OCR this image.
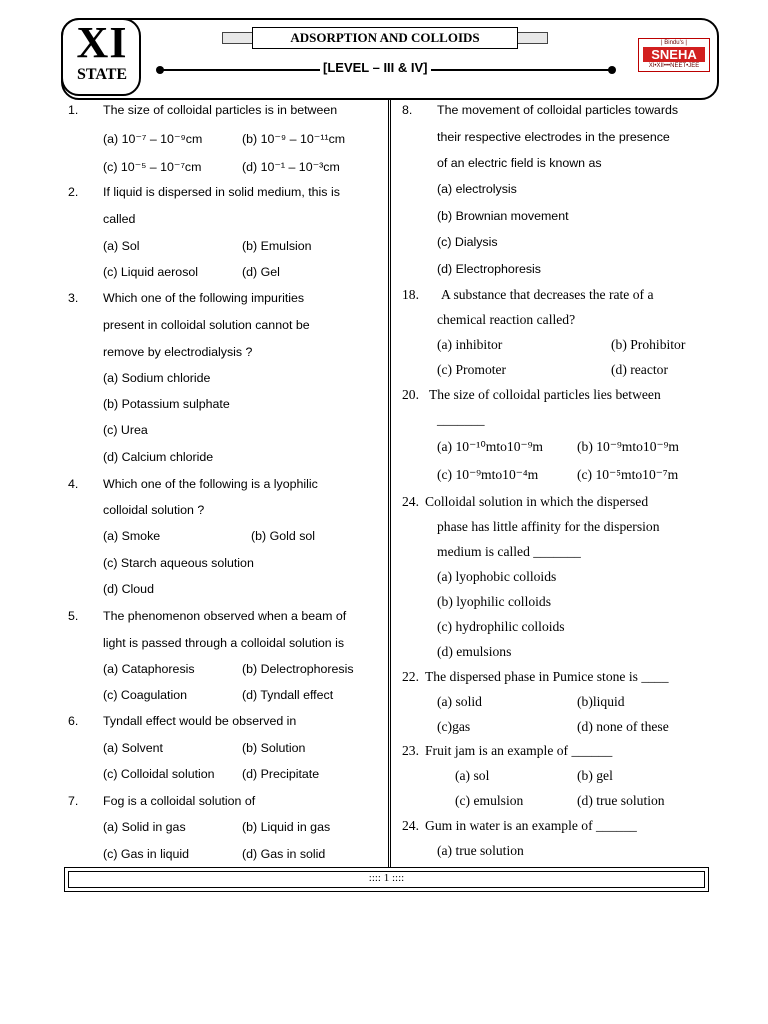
XI
STATE
ADSORPTION AND COLLOIDS
[LEVEL – III & IV]
| Bindu's |
SNEHA
XI•XII•••NEET•JEE
1. The size of colloidal particles is in between
(a) 10⁻⁷ – 10⁻⁹cm	(b) 10⁻⁹ – 10⁻¹¹cm
(c) 10⁻⁵ – 10⁻⁷cm	(d) 10⁻¹ – 10⁻³cm
2. If liquid is dispersed in solid medium, this is
called
(a) Sol	(b) Emulsion
(c) Liquid aerosol	(d) Gel
3. Which one of the following impurities
present in colloidal solution cannot be
remove by electrodialysis ?
(a) Sodium chloride
(b) Potassium sulphate
(c) Urea
(d) Calcium chloride
4. Which one of the following is a lyophilic
colloidal solution ?
(a) Smoke	(b) Gold sol
(c) Starch aqueous solution
(d) Cloud
5. The phenomenon observed when a beam of
light is passed through a colloidal solution is
(a) Cataphoresis	(b) Delectrophoresis
(c) Coagulation	(d) Tyndall effect
6. Tyndall effect would be observed in
(a) Solvent	(b) Solution
(c) Colloidal solution (d) Precipitate
7. Fog is a colloidal solution of
(a) Solid in gas	(b) Liquid in gas
(c) Gas in liquid	(d) Gas in solid
8. The movement of colloidal particles towards
their respective electrodes in the presence
of an electric field is known as
(a) electrolysis
(b) Brownian movement
(c) Dialysis
(d) Electrophoresis
18. A substance that decreases the rate of a
chemical reaction called?
(a) inhibitor	(b) Prohibitor
(c) Promoter	(d) reactor
20. The size of colloidal particles lies between
_______
(a) 10⁻¹⁰mto10⁻⁹m (b) 10⁻⁹mto10⁻⁹m
(c) 10⁻⁹mto10⁻⁴m	(c) 10⁻⁵mto10⁻⁷m
24. Colloidal solution in which the dispersed
phase has little affinity for the dispersion
medium is called _______
(a) lyophobic colloids
(b) lyophilic colloids
(c) hydrophilic colloids
(d) emulsions
22. The dispersed phase in Pumice stone is ____
(a) solid	(b)liquid
(c)gas	(d) none of these
23. Fruit jam is an example of ______
(a) sol	(b) gel
(c) emulsion	(d) true solution
24. Gum in water is an example of ______
(a) true solution
:::: 1 ::::
